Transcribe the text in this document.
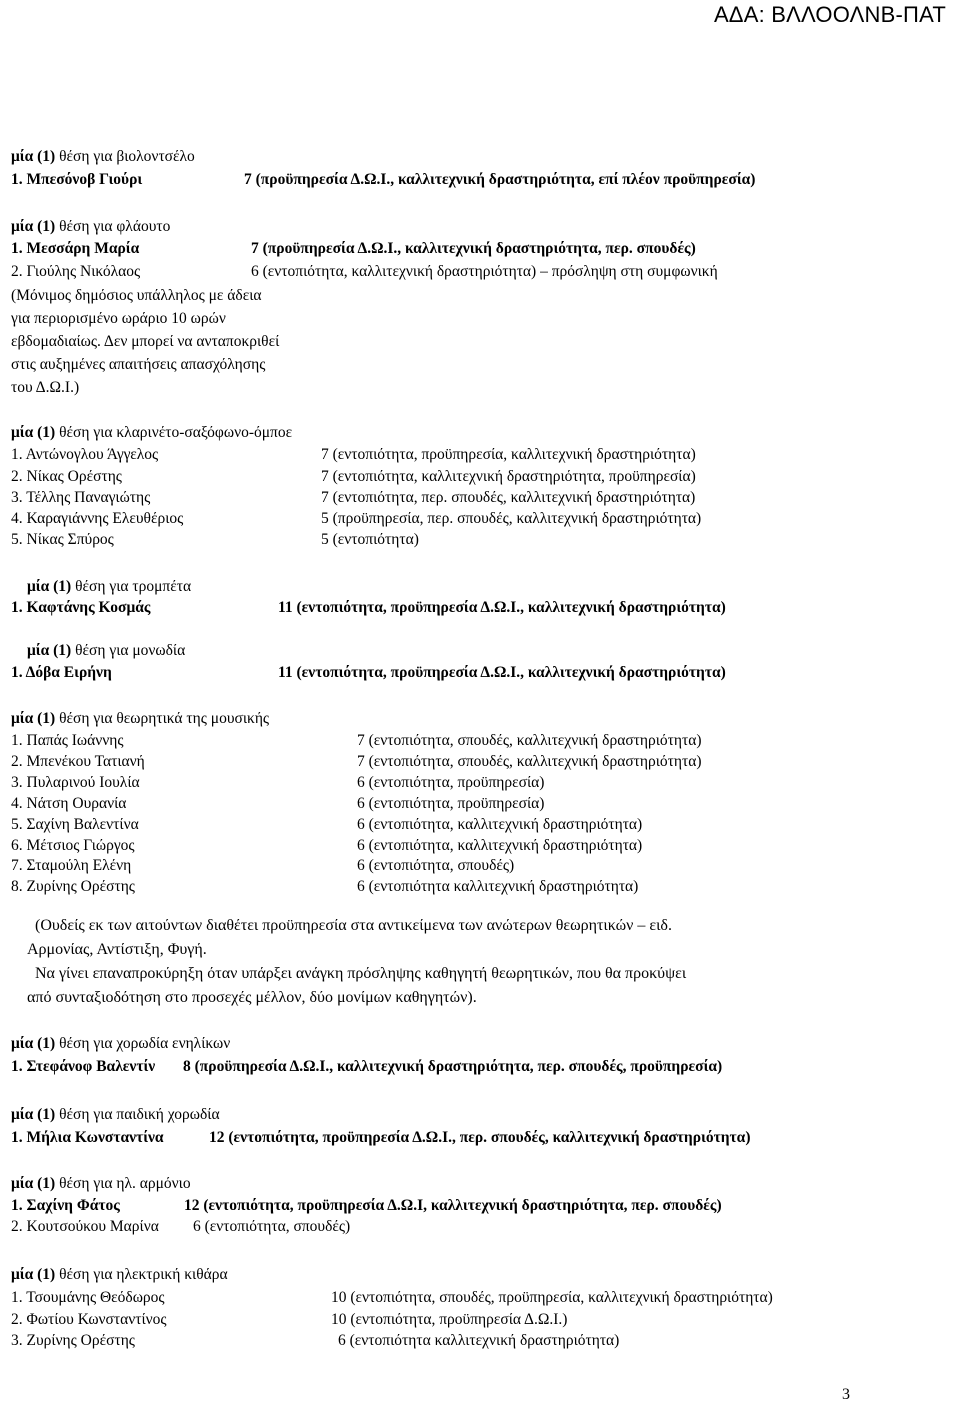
ΑΔΑ: ΒΛΛΟΟΛΝΒ-ΠΑΤ
μία (1) θέση για βιολοντσέλο
1. Μπεσόνοβ Γιούρι	7 (προϋπηρεσία Δ.Ω.Ι., καλλιτεχνική δραστηριότητα, επί πλέον προϋπηρεσία)
μία (1) θέση για φλάουτο
1. Μεσσάρη Μαρία	7 (προϋπηρεσία Δ.Ω.Ι., καλλιτεχνική δραστηριότητα, περ. σπουδές)
2. Γιούλης Νικόλαος	6 (εντοπιότητα, καλλιτεχνική δραστηριότητα) – πρόσληψη στη συμφωνική
(Μόνιμος δημόσιος υπάλληλος με άδεια
για περιορισμένο ωράριο 10 ωρών
εβδομαδιαίως. Δεν μπορεί να ανταποκριθεί
στις αυξημένες απαιτήσεις απασχόλησης
του Δ.Ω.Ι.)
μία (1) θέση για κλαρινέτο-σαξόφωνο-όμποε
1. Αντώνογλου Άγγελος	7 (εντοπιότητα, προϋπηρεσία, καλλιτεχνική δραστηριότητα)
2. Νίκας Ορέστης	7 (εντοπιότητα, καλλιτεχνική δραστηριότητα, προϋπηρεσία)
3. Τέλλης Παναγιώτης	7 (εντοπιότητα, περ. σπουδές, καλλιτεχνική δραστηριότητα)
4. Καραγιάννης Ελευθέριος	5 (προϋπηρεσία, περ. σπουδές, καλλιτεχνική δραστηριότητα)
5. Νίκας Σπύρος	5 (εντοπιότητα)
μία (1) θέση για τρομπέτα
1. Καφτάνης Κοσμάς	11 (εντοπιότητα, προϋπηρεσία Δ.Ω.Ι., καλλιτεχνική δραστηριότητα)
μία (1) θέση για μονωδία
1. Δόβα Ειρήνη	11 (εντοπιότητα, προϋπηρεσία Δ.Ω.Ι., καλλιτεχνική δραστηριότητα)
μία (1) θέση για θεωρητικά της μουσικής
1. Παπάς Ιωάννης	7 (εντοπιότητα, σπουδές, καλλιτεχνική δραστηριότητα)
2. Μπενέκου Τατιανή	7 (εντοπιότητα, σπουδές, καλλιτεχνική δραστηριότητα)
3. Πυλαρινού Ιουλία	6 (εντοπιότητα, προϋπηρεσία)
4. Νάτση Ουρανία	6 (εντοπιότητα, προϋπηρεσία)
5. Σαχίνη Βαλεντίνα	6 (εντοπιότητα, καλλιτεχνική δραστηριότητα)
6. Μέτσιος Γιώργος	6 (εντοπιότητα, καλλιτεχνική δραστηριότητα)
7. Σταμούλη Ελένη	6 (εντοπιότητα, σπουδές)
8. Ζυρίνης Ορέστης	6 (εντοπιότητα καλλιτεχνική δραστηριότητα)
(Ουδείς εκ των αιτούντων διαθέτει προϋπηρεσία στα αντικείμενα των ανώτερων θεωρητικών – ειδ.
Αρμονίας, Αντίστιξη, Φυγή.
Να γίνει επαναπροκύρηξη όταν υπάρξει ανάγκη πρόσληψης καθηγητή θεωρητικών, που θα προκύψει
από συνταξιοδότηση στο προσεχές μέλλον, δύο μονίμων καθηγητών).
μία (1) θέση για χορωδία ενηλίκων
1. Στεφάνοφ Βαλεντίν 8 (προϋπηρεσία Δ.Ω.Ι., καλλιτεχνική δραστηριότητα, περ. σπουδές, προϋπηρεσία)
μία (1) θέση για παιδική χορωδία
1. Μήλια Κωνσταντίνα	12 (εντοπιότητα, προϋπηρεσία Δ.Ω.Ι., περ. σπουδές, καλλιτεχνική δραστηριότητα)
μία (1) θέση για ηλ. αρμόνιο
1. Σαχίνη Φάτος	12 (εντοπιότητα, προϋπηρεσία Δ.Ω.Ι, καλλιτεχνική δραστηριότητα, περ. σπουδές)
2. Κουτσούκου Μαρίνα 6 (εντοπιότητα, σπουδές)
μία (1) θέση για ηλεκτρική κιθάρα
1. Τσουμάνης Θεόδωρος	10 (εντοπιότητα, σπουδές, προϋπηρεσία, καλλιτεχνική δραστηριότητα)
2. Φωτίου Κωνσταντίνος	10 (εντοπιότητα, προϋπηρεσία Δ.Ω.Ι.)
3. Ζυρίνης Ορέστης	6 (εντοπιότητα καλλιτεχνική δραστηριότητα)
3
